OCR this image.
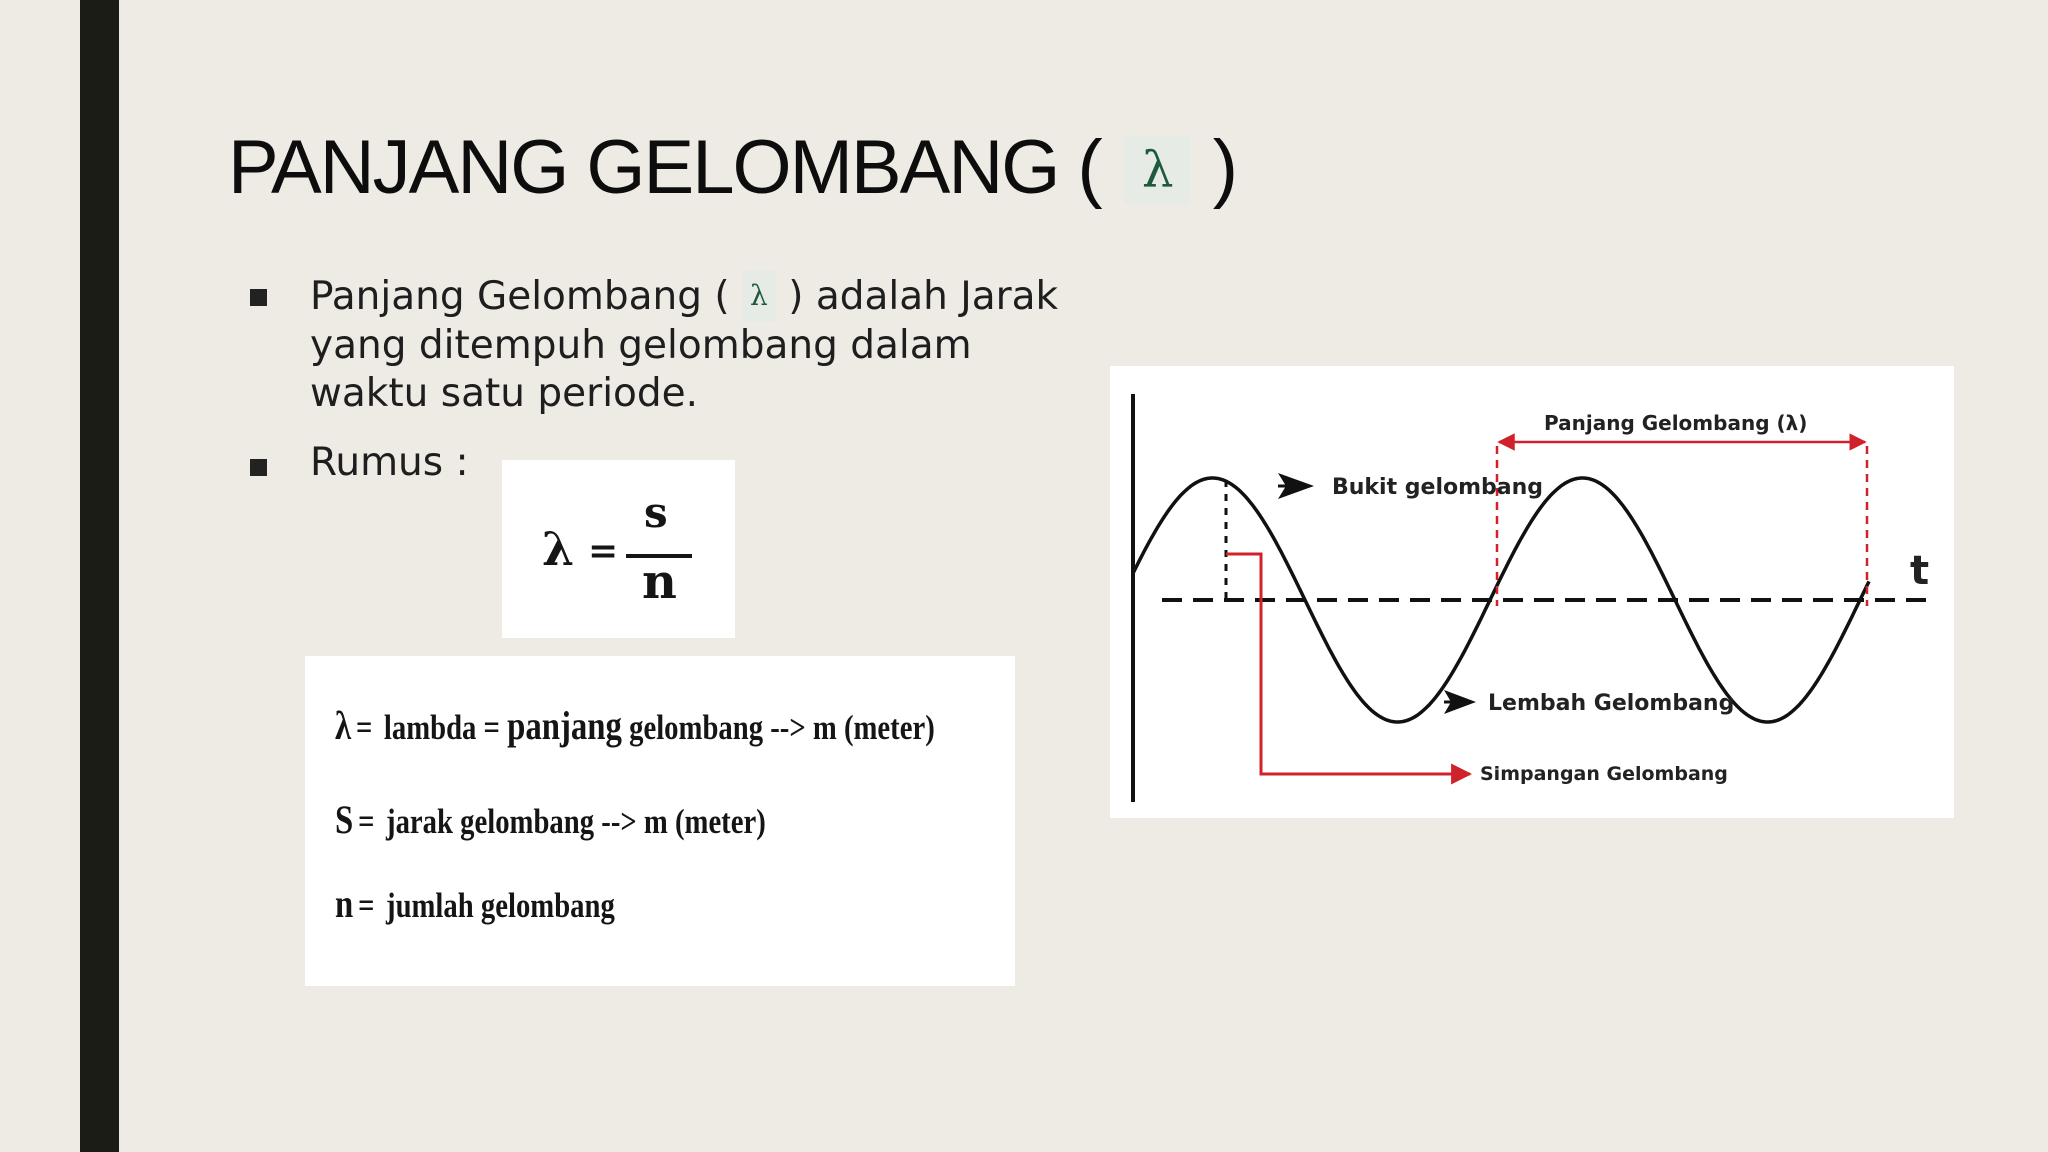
PANJANG GELOMBANG ( λ )

Panjang Gelombang ( λ ) adalah Jarak yang ditempuh gelombang dalam waktu satu periode.

Rumus :
λ =
s
n
λ = lambda = panjang gelombang --> m (meter)
S = jarak gelombang --> m (meter)
n = jumlah gelombang
Panjang Gelombang (λ)
Bukit gelombang
Lembah Gelombang
Simpangan Gelombang
t
